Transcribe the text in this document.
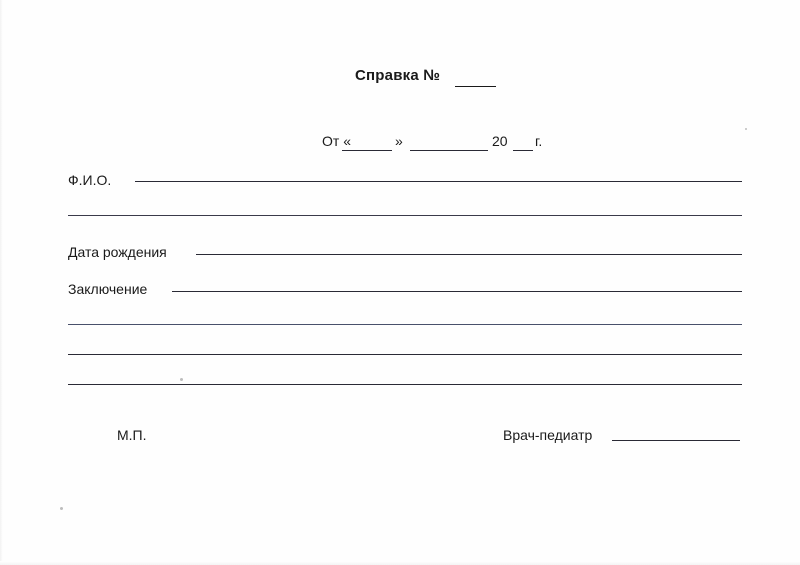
Справка №
От «	»	20 г.
Ф.И.О.
Дата рождения
Заключение
М.П.	Врач-педиатр
